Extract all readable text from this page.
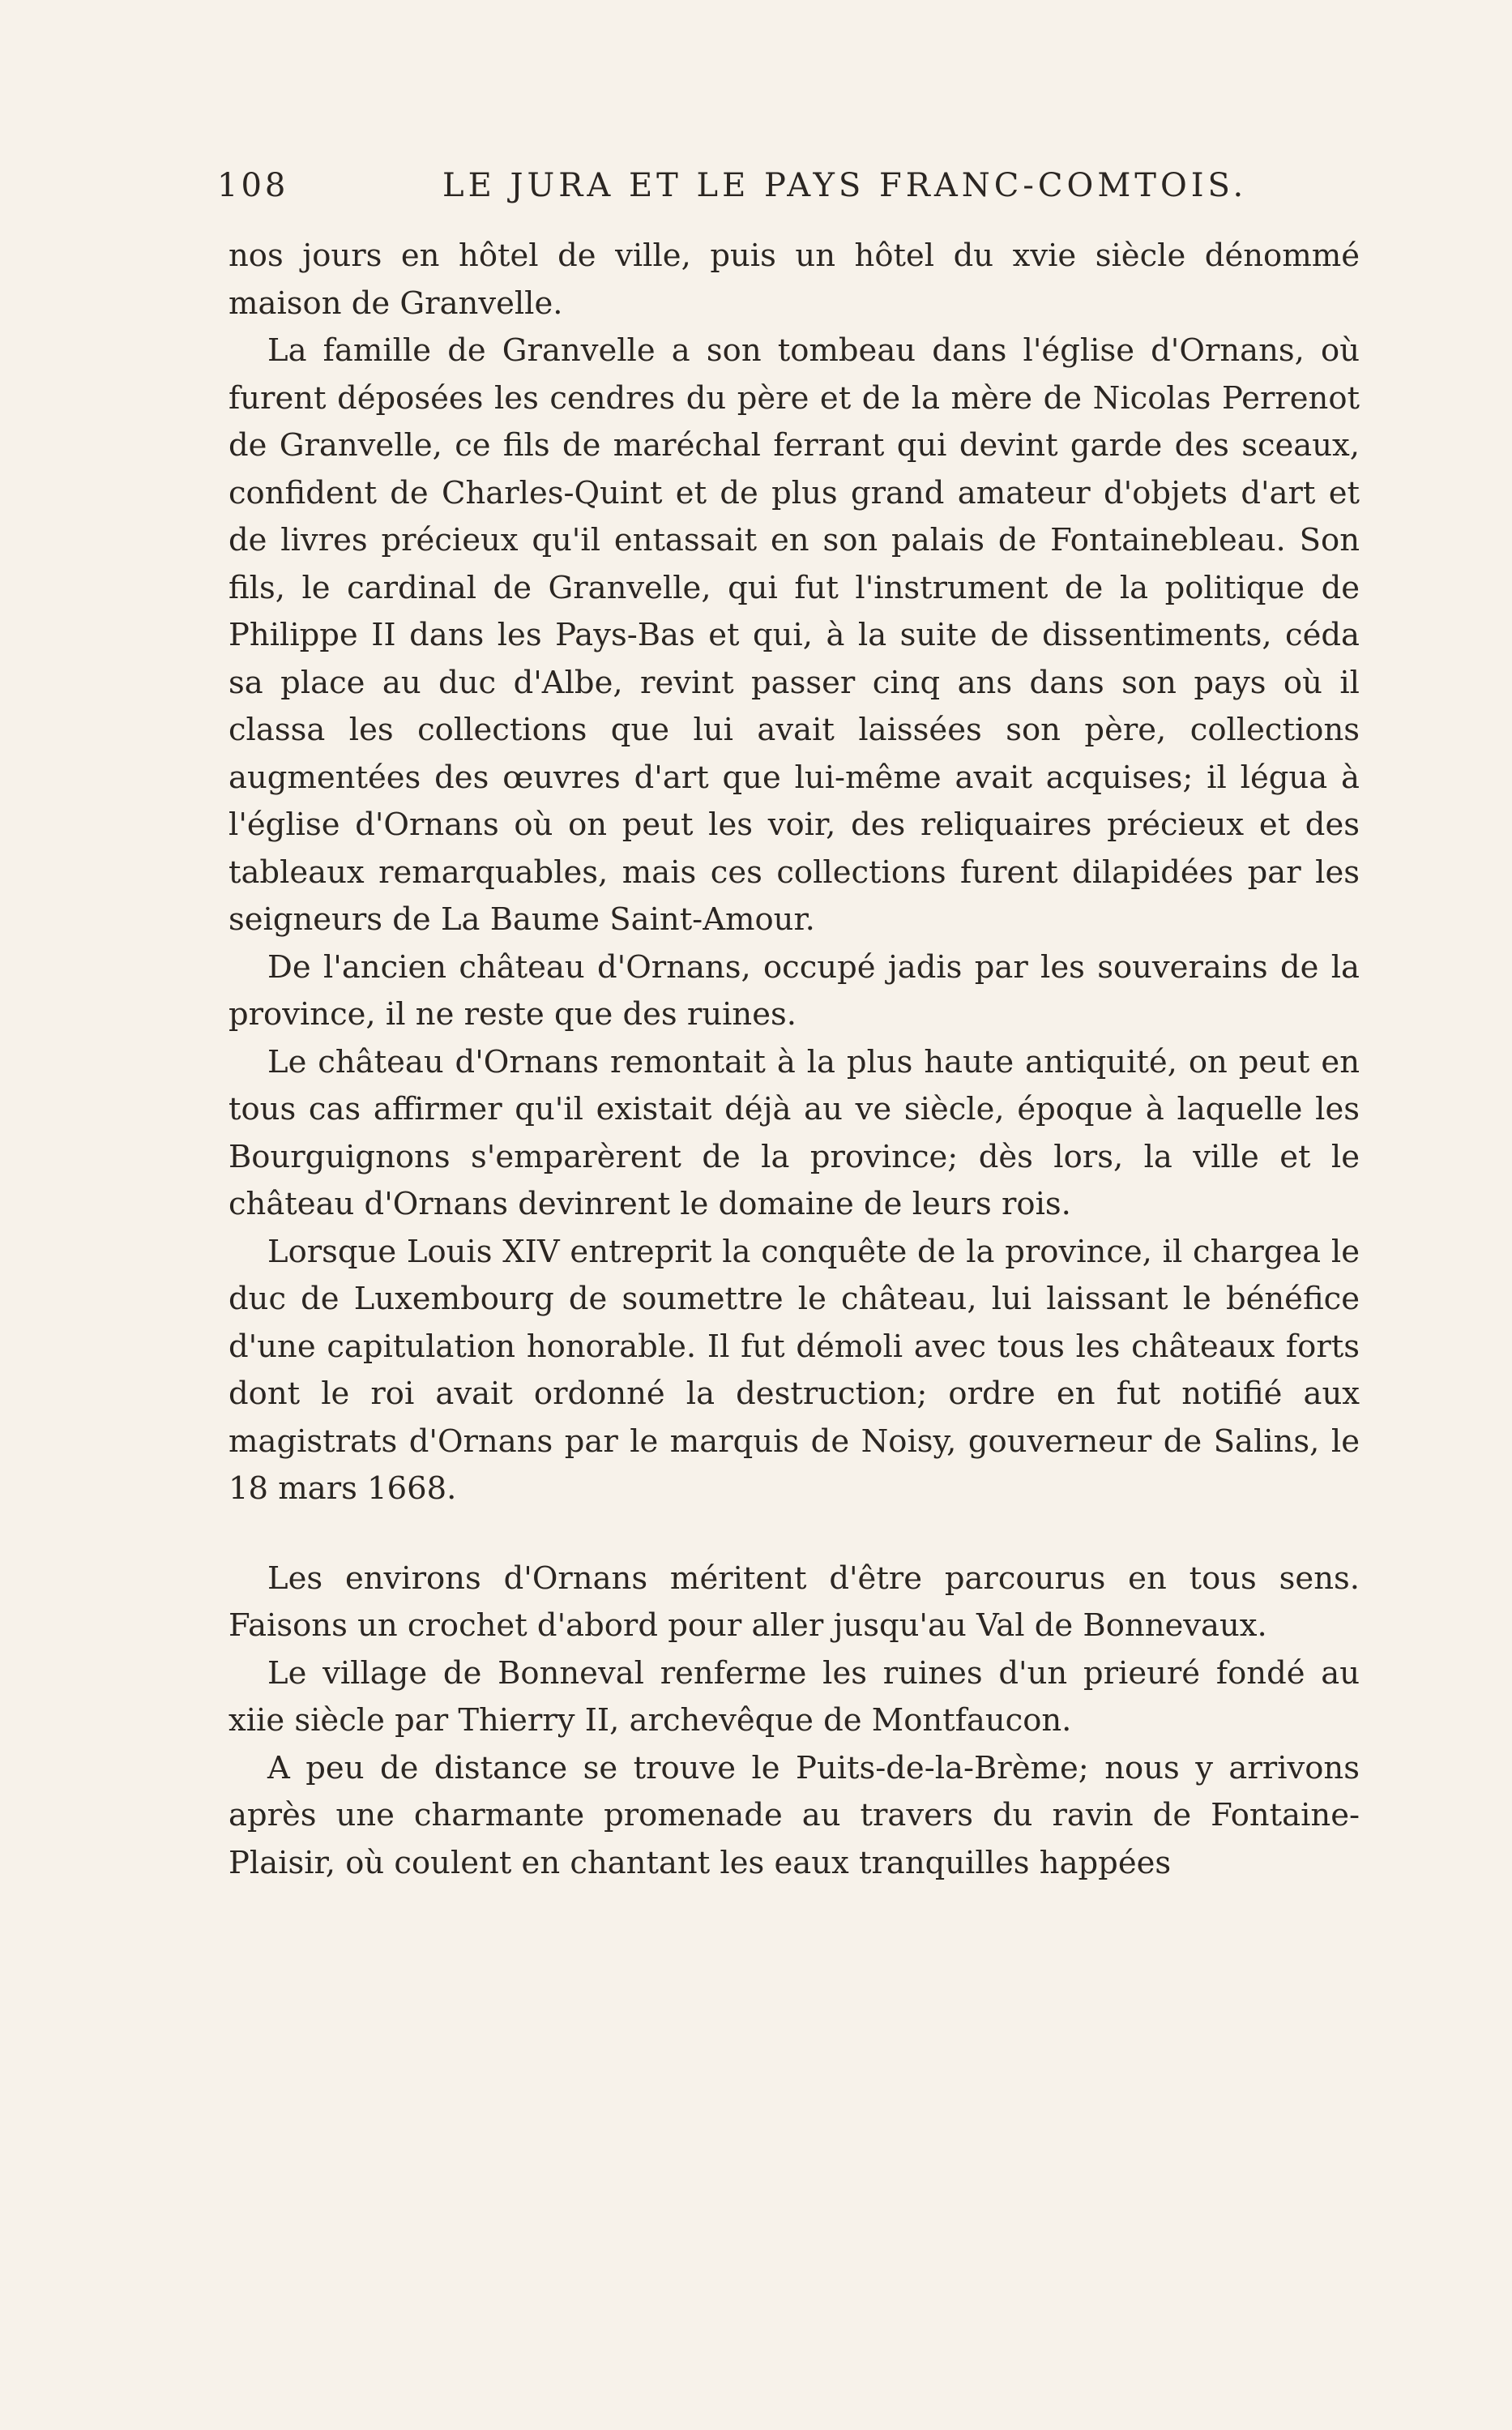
108	LE JURA ET LE PAYS FRANC-COMTOIS.

nos jours en hôtel de ville, puis un hôtel du xvie siècle dénommé maison de Granvelle.

La famille de Granvelle a son tombeau dans l'église d'Ornans, où furent déposées les cendres du père et de la mère de Nicolas Perrenot de Granvelle, ce fils de maréchal ferrant qui devint garde des sceaux, confident de Charles-Quint et de plus grand amateur d'objets d'art et de livres précieux qu'il entassait en son palais de Fontainebleau. Son fils, le cardinal de Granvelle, qui fut l'instrument de la politique de Philippe II dans les Pays-Bas et qui, à la suite de dissentiments, céda sa place au duc d'Albe, revint passer cinq ans dans son pays où il classa les collections que lui avait laissées son père, collections augmentées des œuvres d'art que lui-même avait acquises; il légua à l'église d'Ornans où on peut les voir, des reliquaires précieux et des tableaux remarquables, mais ces collections furent dilapidées par les seigneurs de La Baume Saint-Amour.

De l'ancien château d'Ornans, occupé jadis par les souverains de la province, il ne reste que des ruines.

Le château d'Ornans remontait à la plus haute antiquité, on peut en tous cas affirmer qu'il existait déjà au ve siècle, époque à laquelle les Bourguignons s'emparèrent de la province; dès lors, la ville et le château d'Ornans devinrent le domaine de leurs rois.

Lorsque Louis XIV entreprit la conquête de la province, il chargea le duc de Luxembourg de soumettre le château, lui laissant le bénéfice d'une capitulation honorable. Il fut démoli avec tous les châteaux forts dont le roi avait ordonné la destruction; ordre en fut notifié aux magistrats d'Ornans par le marquis de Noisy, gouverneur de Salins, le 18 mars 1668.

Les environs d'Ornans méritent d'être parcourus en tous sens. Faisons un crochet d'abord pour aller jusqu'au Val de Bonnevaux.

Le village de Bonneval renferme les ruines d'un prieuré fondé au xiie siècle par Thierry II, archevêque de Montfaucon.

A peu de distance se trouve le Puits-de-la-Brème; nous y arrivons après une charmante promenade au travers du ravin de Fontaine-Plaisir, où coulent en chantant les eaux tranquilles happées
